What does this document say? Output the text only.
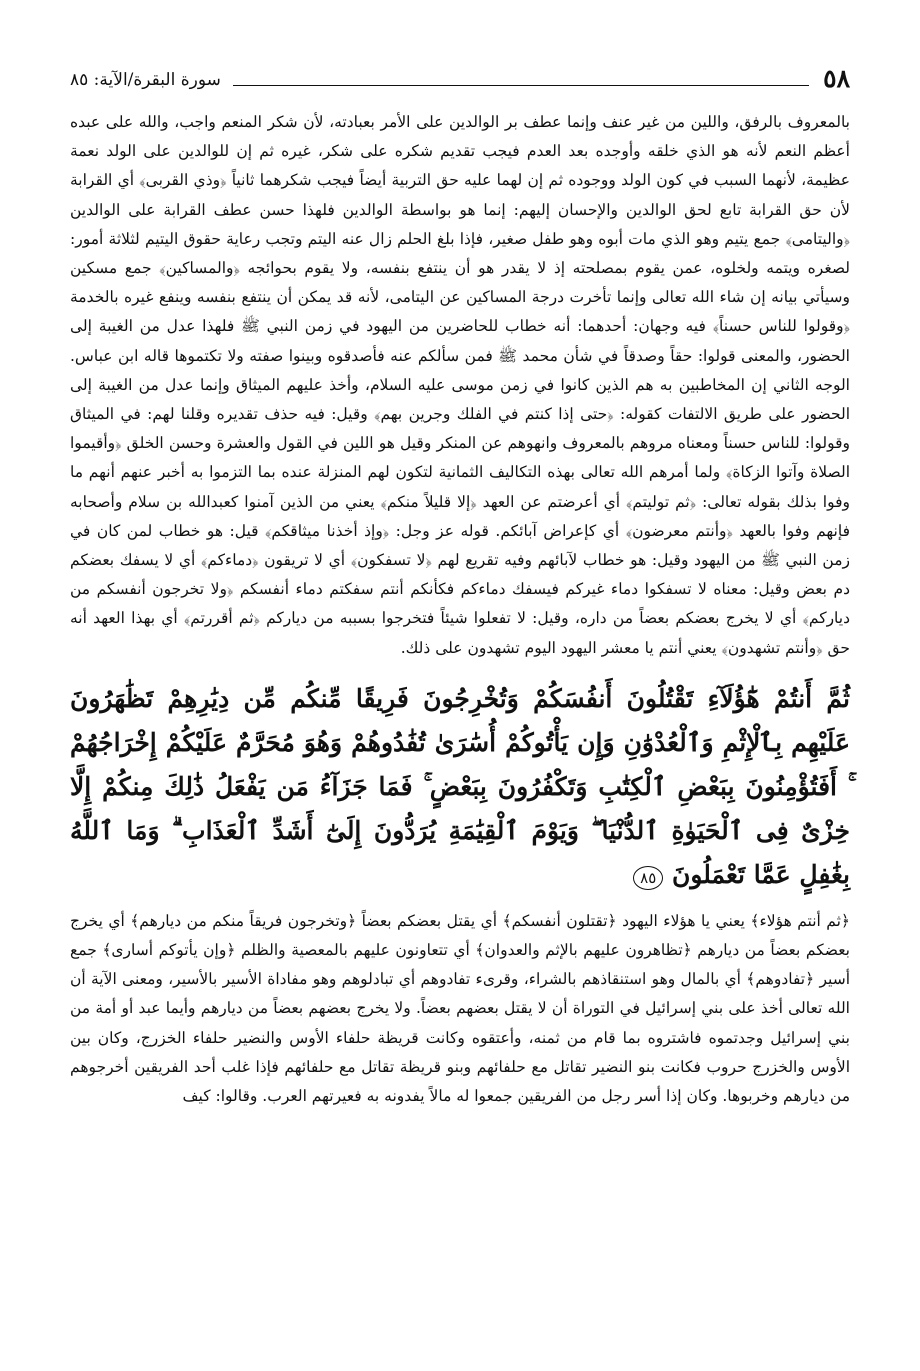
٥٨
سورة البقرة/الآية: ٨٥

بالمعروف بالرفق، واللين من غير عنف وإنما عطف بر الوالدين على الأمر بعبادته، لأن شكر المنعم واجب، والله على عبده أعظم النعم لأنه هو الذي خلقه وأوجده بعد العدم فيجب تقديم شكره على شكر، غيره ثم إن للوالدين على الولد نعمة عظيمة، لأنهما السبب في كون الولد ووجوده ثم إن لهما عليه حق التربية أيضاً فيجب شكرهما ثانياً ﴿وذي القربى﴾ أي القرابة لأن حق القرابة تابع لحق الوالدين والإحسان إليهم: إنما هو بواسطة الوالدين فلهذا حسن عطف القرابة على الوالدين ﴿واليتامى﴾ جمع يتيم وهو الذي مات أبوه وهو طفل صغير، فإذا بلغ الحلم زال عنه اليتم وتجب رعاية حقوق اليتيم لثلاثة أمور: لصغره ويتمه ولخلوه، عمن يقوم بمصلحته إذ لا يقدر هو أن ينتفع بنفسه، ولا يقوم بحوائجه ﴿والمساكين﴾ جمع مسكين وسيأتي بيانه إن شاء الله تعالى وإنما تأخرت درجة المساكين عن اليتامى، لأنه قد يمكن أن ينتفع بنفسه وينفع غيره بالخدمة ﴿وقولوا للناس حسناً﴾ فيه وجهان: أحدهما: أنه خطاب للحاضرين من اليهود في زمن النبي ﷺ فلهذا عدل من الغيبة إلى الحضور، والمعنى قولوا: حقاً وصدقاً في شأن محمد ﷺ فمن سألكم عنه فأصدقوه وبينوا صفته ولا تكتموها قاله ابن عباس. الوجه الثاني إن المخاطبين به هم الذين كانوا في زمن موسى عليه السلام، وأخذ عليهم الميثاق وإنما عدل من الغيبة إلى الحضور على طريق الالتفات كقوله: ﴿حتى إذا كنتم في الفلك وجرين بهم﴾ وقيل: فيه حذف تقديره وقلنا لهم: في الميثاق وقولوا: للناس حسناً ومعناه مروهم بالمعروف وانهوهم عن المنكر وقيل هو اللين في القول والعشرة وحسن الخلق ﴿وأقيموا الصلاة وآتوا الزكاة﴾ ولما أمرهم الله تعالى بهذه التكاليف الثمانية لتكون لهم المنزلة عنده بما التزموا به أخبر عنهم أنهم ما وفوا بذلك بقوله تعالى: ﴿ثم توليتم﴾ أي أعرضتم عن العهد ﴿إلا قليلاً منكم﴾ يعني من الذين آمنوا كعبدالله بن سلام وأصحابه فإنهم وفوا بالعهد ﴿وأنتم معرضون﴾ أي كإعراض آبائكم. قوله عز وجل: ﴿وإذ أخذنا ميثاقكم﴾ قيل: هو خطاب لمن كان في زمن النبي ﷺ من اليهود وقيل: هو خطاب لآبائهم وفيه تقريع لهم ﴿لا تسفكون﴾ أي لا تريقون ﴿دماءكم﴾ أي لا يسفك بعضكم دم بعض وقيل: معناه لا تسفكوا دماء غيركم فيسفك دماءكم فكأنكم أنتم سفكتم دماء أنفسكم ﴿ولا تخرجون أنفسكم من دياركم﴾ أي لا يخرج بعضكم بعضاً من داره، وقيل: لا تفعلوا شيئاً فتخرجوا بسببه من دياركم ﴿ثم أقررتم﴾ أي بهذا العهد أنه حق ﴿وأنتم تشهدون﴾ يعني أنتم يا معشر اليهود اليوم تشهدون على ذلك.

ثُمَّ أَنتُمْ هَٰٓؤُلَآءِ تَقْتُلُونَ أَنفُسَكُمْ وَتُخْرِجُونَ فَرِيقًا مِّنكُم مِّن دِيَٰرِهِمْ تَظَٰهَرُونَ عَلَيْهِم بِٱلْإِثْمِ وَٱلْعُدْوَٰنِ وَإِن يَأْتُوكُمْ أُسَٰرَىٰ تُفَٰدُوهُمْ وَهُوَ مُحَرَّمٌ عَلَيْكُمْ إِخْرَاجُهُمْ ۚ أَفَتُؤْمِنُونَ بِبَعْضِ ٱلْكِتَٰبِ وَتَكْفُرُونَ بِبَعْضٍ ۚ فَمَا جَزَآءُ مَن يَفْعَلُ ذَٰلِكَ مِنكُمْ إِلَّا خِزْىٌ فِى ٱلْحَيَوٰةِ ٱلدُّنْيَا ۖ وَيَوْمَ ٱلْقِيَٰمَةِ يُرَدُّونَ إِلَىٰٓ أَشَدِّ ٱلْعَذَابِ ۗ وَمَا ٱللَّهُ بِغَٰفِلٍ عَمَّا تَعْمَلُونَ ٨٥

﴿ثم أنتم هؤلاء﴾ يعني يا هؤلاء اليهود ﴿تقتلون أنفسكم﴾ أي يقتل بعضكم بعضاً ﴿وتخرجون فريقاً منكم من ديارهم﴾ أي يخرج بعضكم بعضاً من ديارهم ﴿تظاهرون عليهم بالإثم والعدوان﴾ أي تتعاونون عليهم بالمعصية والظلم ﴿وإن يأتوكم أسارى﴾ جمع أسير ﴿تفادوهم﴾ أي بالمال وهو استنقاذهم بالشراء، وقرىء تفادوهم أي تبادلوهم وهو مفاداة الأسير بالأسير، ومعنى الآية أن الله تعالى أخذ على بني إسرائيل في التوراة أن لا يقتل بعضهم بعضاً. ولا يخرج بعضهم بعضاً من ديارهم وأيما عبد أو أمة من بني إسرائيل وجدتموه فاشتروه بما قام من ثمنه، وأعتقوه وكانت قريظة حلفاء الأوس والنضير حلفاء الخزرج، وكان بين الأوس والخزرج حروب فكانت بنو النضير تقاتل مع حلفائهم وبنو قريظة تقاتل مع حلفائهم فإذا غلب أحد الفريقين أخرجوهم من ديارهم وخربوها. وكان إذا أسر رجل من الفريقين جمعوا له مالاً يفدونه به فعيرتهم العرب. وقالوا: كيف
